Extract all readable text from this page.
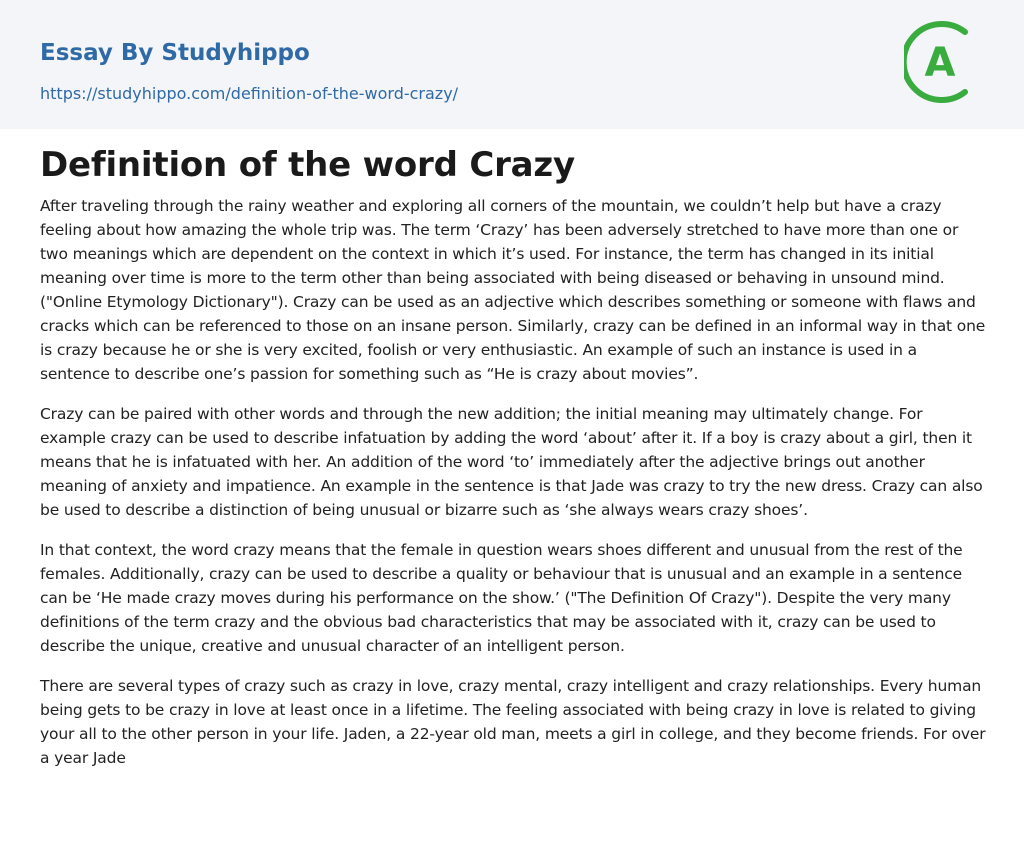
Essay By Studyhippo
https://studyhippo.com/definition-of-the-word-crazy/
A
Definition of the word Crazy

After traveling through the rainy weather and exploring all corners of the mountain, we couldn’t help but have a crazy feeling about how amazing the whole trip was. The term ‘Crazy’ has been adversely stretched to have more than one or two meanings which are dependent on the context in which it’s used. For instance, the term has changed in its initial meaning over time is more to the term other than being associated with being diseased or behaving in unsound mind. ("Online Etymology Dictionary"). Crazy can be used as an adjective which describes something or someone with flaws and cracks which can be referenced to those on an insane person. Similarly, crazy can be defined in an informal way in that one is crazy because he or she is very excited, foolish or very enthusiastic. An example of such an instance is used in a sentence to describe one’s passion for something such as “He is crazy about movies”.

Crazy can be paired with other words and through the new addition; the initial meaning may ultimately change. For example crazy can be used to describe infatuation by adding the word ‘about’ after it. If a boy is crazy about a girl, then it means that he is infatuated with her. An addition of the word ‘to’ immediately after the adjective brings out another meaning of anxiety and impatience. An example in the sentence is that Jade was crazy to try the new dress. Crazy can also be used to describe a distinction of being unusual or bizarre such as ‘she always wears crazy shoes’.

In that context, the word crazy means that the female in question wears shoes different and unusual from the rest of the females. Additionally, crazy can be used to describe a quality or behaviour that is unusual and an example in a sentence can be ‘He made crazy moves during his performance on the show.’ ("The Definition Of Crazy"). Despite the very many definitions of the term crazy and the obvious bad characteristics that may be associated with it, crazy can be used to describe the unique, creative and unusual character of an intelligent person.

There are several types of crazy such as crazy in love, crazy mental, crazy intelligent and crazy relationships. Every human being gets to be crazy in love at least once in a lifetime. The feeling associated with being crazy in love is related to giving your all to the other person in your life. Jaden, a 22-year old man, meets a girl in college, and they become friends. For over a year Jade
